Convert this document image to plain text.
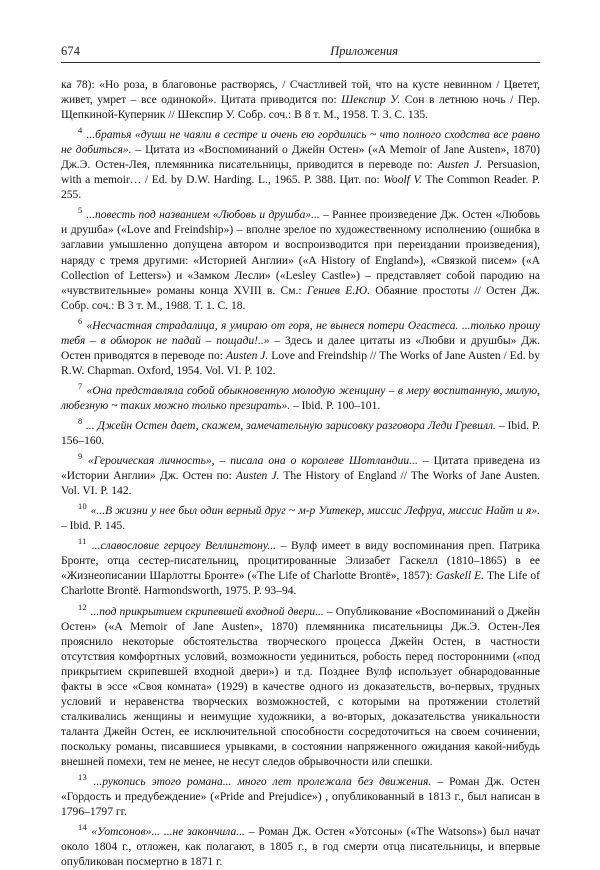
674	Приложения

ка 78): «Но роза, в благовонье растворясь, / Счастливей той, что на кусте невинном / Цветет, живет, умрет – все одинокой». Цитата приводится по: Шекспир У. Сон в летнюю ночь / Пер. Щепкиной-Куперник // Шекспир У. Собр. соч.: В 8 т. М., 1958. Т. 3. С. 135.

$^4$ ...братья «души не чаяли в сестре и очень ею гордились ~ что полного сходства все равно не добиться». – Цитата из «Воспоминаний о Джейн Остен» («A Memoir of Jane Austen», 1870) Дж.Э. Остен-Лея, племянника писательницы, приводится в переводе по: Austen J. Persuasion, with a memoir… / Ed. by D.W. Harding. L., 1965. P. 388. Цит. по: Woolf V. The Common Reader. P. 255.

$^5$ ...повесть под названием «Любовь и друшба»... – Раннее произведение Дж. Остен «Любовь и друшба» («Love and Freindship») – вполне зрелое по художественному исполнению (ошибка в заглавии умышленно допущена автором и воспроизводится при переиздании произведения), наряду с тремя другими: «Историей Англии» («A History of England»), «Связкой писем» («A Collection of Letters») и «Замком Лесли» («Lesley Castle») – представляет собой пародию на «чувствительные» романы конца XVIII в. См.: Гениев Е.Ю. Обаяние простоты // Остен Дж. Собр. соч.: В 3 т. М., 1988. Т. 1. С. 18.

$^6$ «Несчастная страдалица, я умираю от горя, не вынеся потери Огастеса. ...только прошу тебя – в обморок не падай – пощади!..» – Здесь и далее цитаты из «Любви и друшбы» Дж. Остен приводятся в переводе по: Austen J. Love and Freindship // The Works of Jane Austen / Ed. by R.W. Chapman. Oxford, 1954. Vol. VI. P. 102.

$^7$ «Она представляла собой обыкновенную молодую женщину – в меру воспитанную, милую, любезную ~ таких можно только презирать». – Ibid. P. 100–101.

$^8$ ... Джейн Остен дает, скажем, замечательную зарисовку разговора Леди Гревилл. – Ibid. P. 156–160.

$^9$ «Героическая личность», – писала она о королеве Шотландии... – Цитата приведена из «Истории Англии» Дж. Остен по: Austen J. The History of England // The Works of Jane Austen. Vol. VI. P. 142.

$^{10}$ «...В жизни у нее был один верный друг ~ м-р Уитекер, миссис Лефруа, миссис Найт и я». – Ibid. P. 145.

$^{11}$ ...славословие герцогу Веллингтону... – Вулф имеет в виду воспоминания преп. Патрика Бронте, отца сестер-писательниц, процитированные Элизабет Гаскелл (1810–1865) в ее «Жизнеописании Шарлотты Бронте» («The Life of Charlotte Brontë», 1857): Gaskell E. The Life of Charlotte Brontë. Harmondsworth, 1975. P. 93–94.

$^{12}$ ...под прикрытием скрипевшей входной двери... – Опубликование «Воспоминаний о Джейн Остен» («A Memoir of Jane Austen», 1870) племянника писательницы Дж.Э. Остен-Лея прояснило некоторые обстоятельства творческого процесса Джейн Остен, в частности отсутствия комфортных условий, возможности уединиться, робость перед посторонними («под прикрытием скрипевшей входной двери») и т.д. Позднее Вулф использует обнародованные факты в эссе «Своя комната» (1929) в качестве одного из доказательств, во-первых, трудных условий и неравенства творческих возможностей, с которыми на протяжении столетий сталкивались женщины и неимущие художники, а во-вторых, доказательства уникальности таланта Джейн Остен, ее исключительной способности сосредоточиться на своем сочинении, поскольку романы, писавшиеся урывками, в состоянии напряженного ожидания какой-нибудь внешней помехи, тем не менее, не несут следов обрывочности или спешки.

$^{13}$ ...рукопись этого романа... много лет пролежала без движения. – Роман Дж. Остен «Гордость и предубеждение» («Pride and Prejudice») , опубликованный в 1813 г., был написан в 1796–1797 гг.

$^{14}$ «Уотсонов»... ...не закончила... – Роман Дж. Остен «Уотсоны» («The Watsons») был начат около 1804 г., отложен, как полагают, в 1805 г., в год смерти отца писательницы, и впервые опубликован посмертно в 1871 г.
